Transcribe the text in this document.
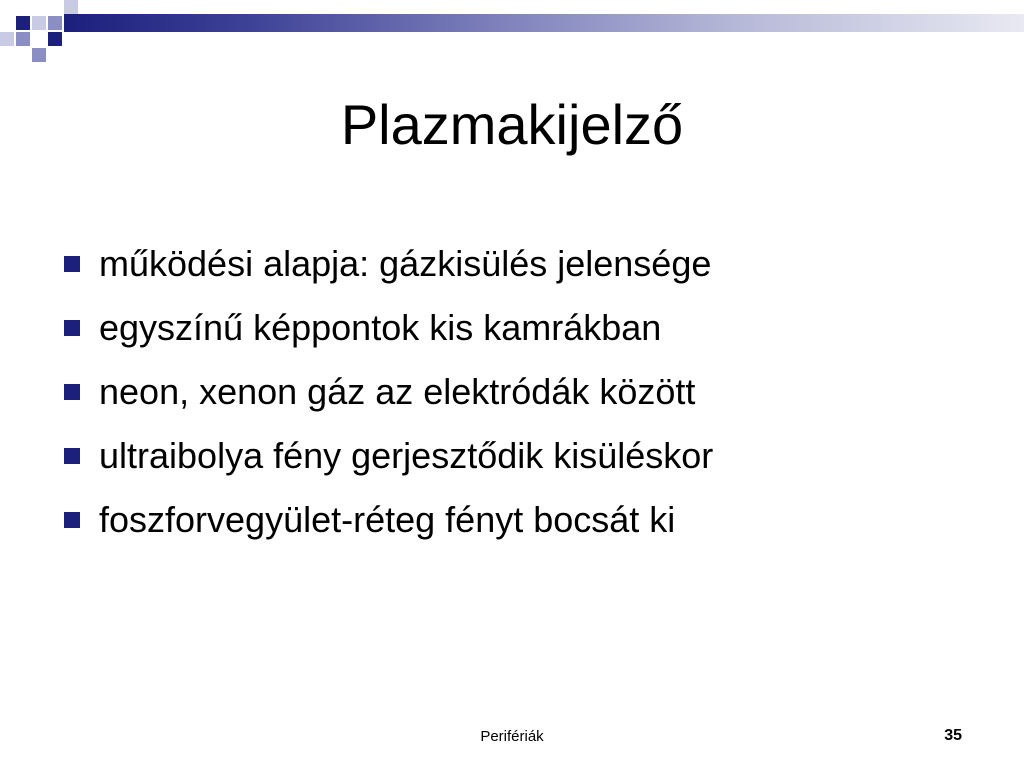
Plazmakijelző
működési alapja: gázkisülés jelensége
egyszínű képpontok kis kamrákban
neon, xenon gáz az elektródák között
ultraibolya fény gerjesztődik kisüléskor
foszforvegyület-réteg fényt bocsát ki
Perifériák	35
